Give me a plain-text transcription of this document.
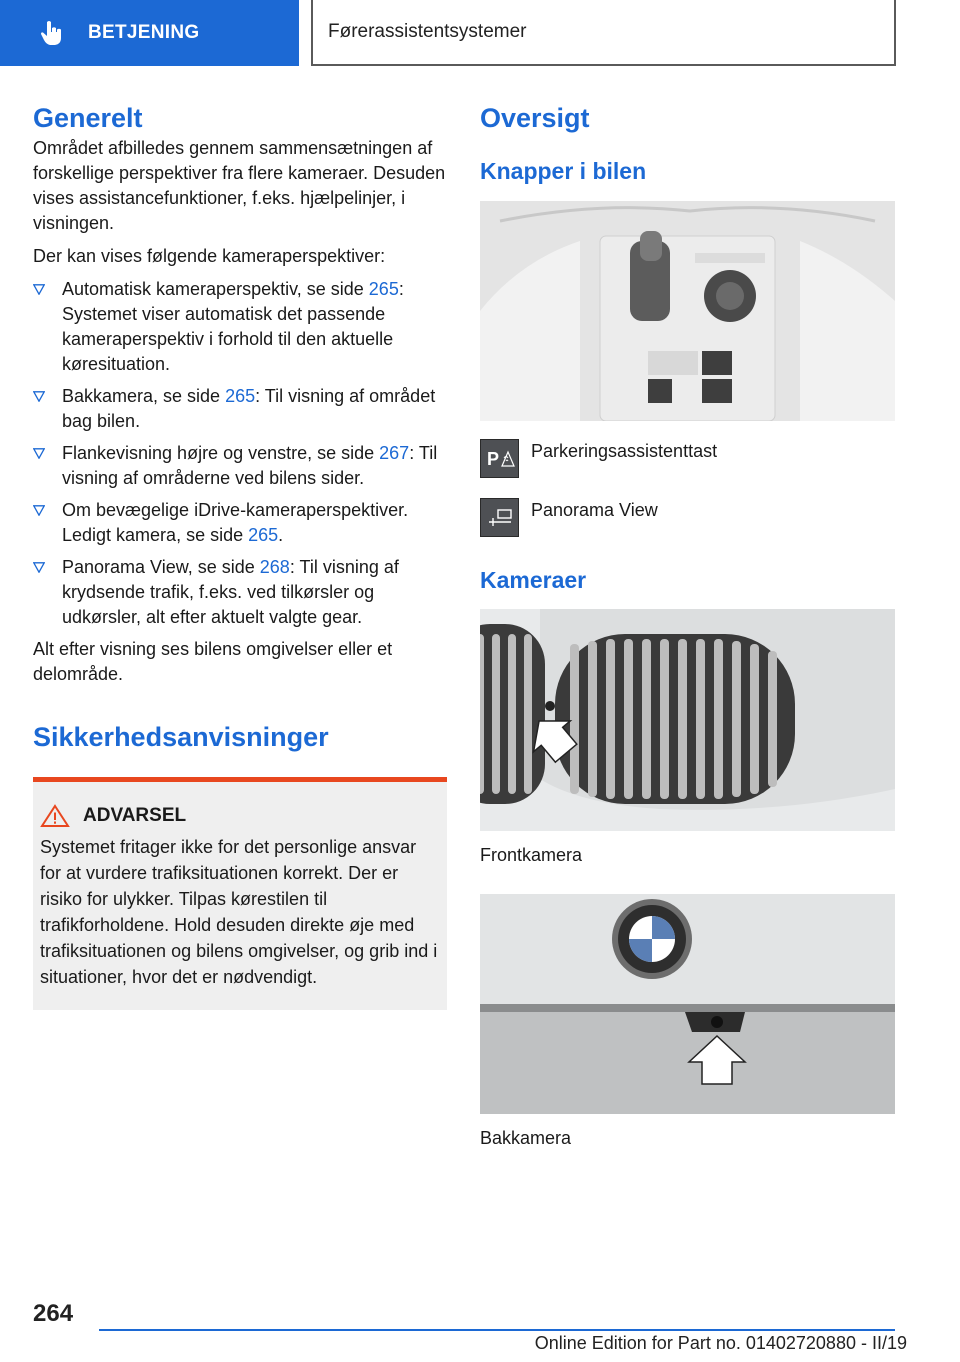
BETJENING	Førerassistentsystemer
Generelt

Området afbilledes gennem sammensætningen af forskellige perspektiver fra flere kameraer. Desuden vises assistancefunktioner, f.eks. hjælpelinjer, i visningen.

Der kan vises følgende kameraperspektiver:

Automatisk kameraperspektiv, se side 265: Systemet viser automatisk det passende kameraperspektiv i forhold til den aktuelle køresituation.
Bakkamera, se side 265: Til visning af området bag bilen.
Flankevisning højre og venstre, se side 267: Til visning af områderne ved bilens sider.
Om bevægelige iDrive-kameraperspektiver. Ledigt kamera, se side 265.
Panorama View, se side 268: Til visning af krydsende trafik, f.eks. ved tilkørsler og udkørsler, alt efter aktuelt valgte gear.

Alt efter visning ses bilens omgivelser eller et delområde.

Sikkerhedsanvisninger
ADVARSEL

Systemet fritager ikke for det personlige ansvar for at vurdere trafiksituationen korrekt. Der er risiko for ulykker. Tilpas kørestilen til trafikforholdene. Hold desuden direkte øje med trafiksituationen og bilens omgivelser, og grib ind i situationer, hvor det er nødvendigt.

Oversigt
Knapper i bilen
P Parkeringsassistenttast
Panorama View
Kameraer
Frontkamera
Bakkamera
264
Online Edition for Part no. 01402720880 - II/19
